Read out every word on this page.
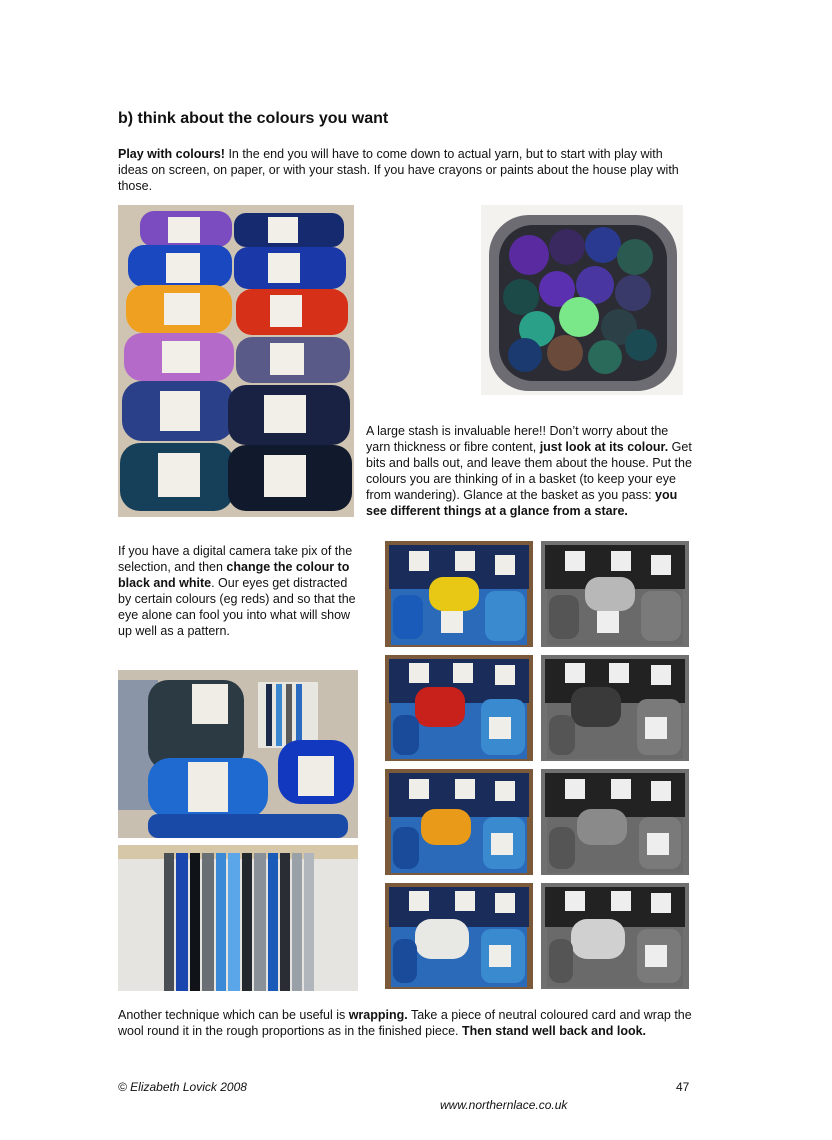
b) think about the colours you want
Play with colours! In the end you will have to come down to actual yarn, but to start with play with ideas on screen, on paper, or with your stash. If you have crayons or paints about the house play with those.
A large stash is invaluable here!! Don’t worry about the yarn thickness or fibre content, just look at its colour. Get bits and balls out, and leave them about the house. Put the colours you are thinking of in a basket (to keep your eye from wandering). Glance at the basket as you pass: you see different things at a glance from a stare.
If you have a digital camera take pix of the selection, and then change the colour to black and white. Our eyes get distracted by certain colours (eg reds) and so that the eye alone can fool you into what will show up well as a pattern.
Another technique which can be useful is wrapping. Take a piece of neutral coloured card and wrap the wool round it in the rough proportions as in the finished piece. Then stand well back and look.
© Elizabeth Lovick 2008	47
www.northernlace.co.uk
